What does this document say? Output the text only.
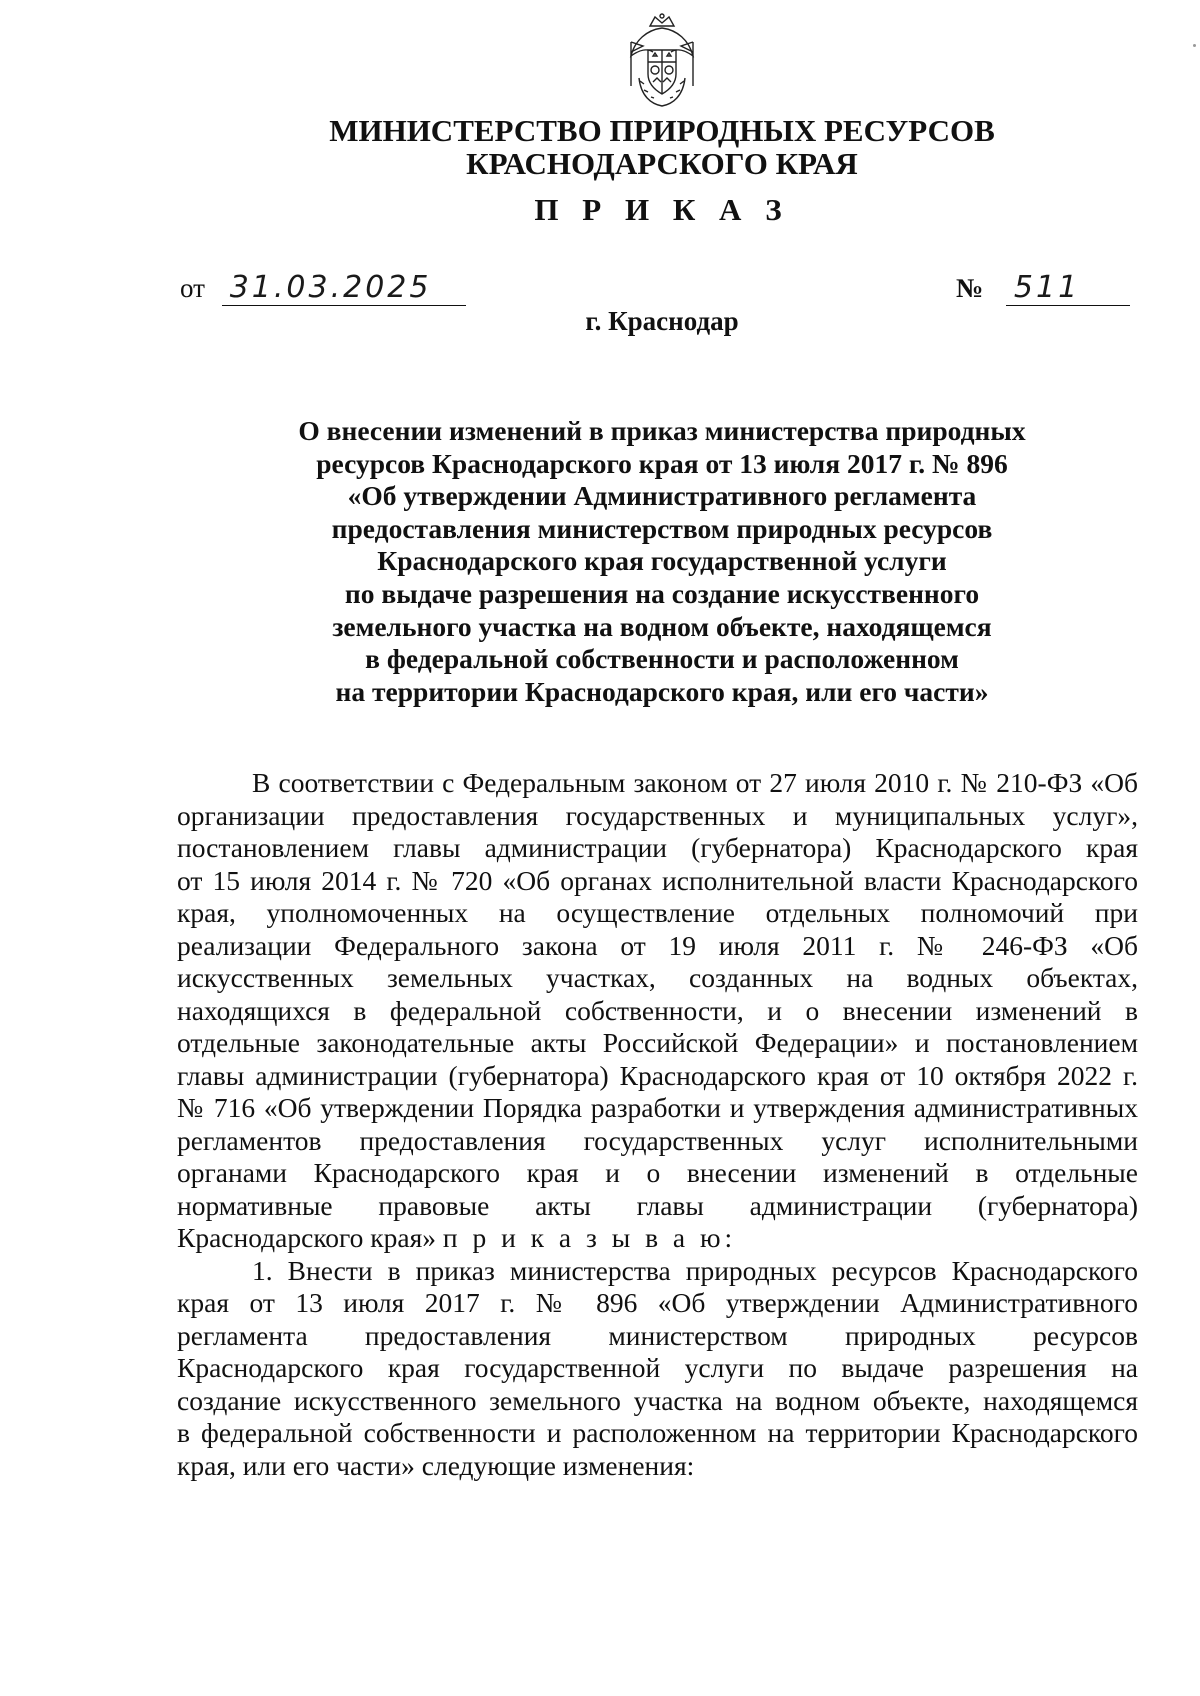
МИНИСТЕРСТВО ПРИРОДНЫХ РЕСУРСОВ
КРАСНОДАРСКОГО КРАЯ
П Р И К А З
от 31.03.2025	№ 511
г. Краснодар
О внесении изменений в приказ министерства природных
ресурсов Краснодарского края от 13 июля 2017 г. № 896
«Об утверждении Административного регламента
предоставления министерством природных ресурсов
Краснодарского края государственной услуги
по выдаче разрешения на создание искусственного
земельного участка на водном объекте, находящемся
в федеральной собственности и расположенном
на территории Краснодарского края, или его части»
В соответствии с Федеральным законом от 27 июля 2010 г. № 210-ФЗ «Об
организации предоставления государственных и муниципальных услуг»,
постановлением главы администрации (губернатора) Краснодарского края
от 15 июля 2014 г. № 720 «Об органах исполнительной власти Краснодарского
края, уполномоченных на осуществление отдельных полномочий при
реализации Федерального закона от 19 июля 2011 г. № 246-ФЗ «Об
искусственных земельных участках, созданных на водных объектах,
находящихся в федеральной собственности, и о внесении изменений в
отдельные законодательные акты Российской Федерации» и постановлением
главы администрации (губернатора) Краснодарского края от 10 октября 2022 г.
№ 716 «Об утверждении Порядка разработки и утверждения административных
регламентов предоставления государственных услуг исполнительными
органами Краснодарского края и о внесении изменений в отдельные
нормативные правовые акты главы администрации (губернатора)
Краснодарского края» п р и к а з ы в а ю:
1. Внести в приказ министерства природных ресурсов Краснодарского
края от 13 июля 2017 г. № 896 «Об утверждении Административного
регламента предоставления министерством природных ресурсов
Краснодарского края государственной услуги по выдаче разрешения на
создание искусственного земельного участка на водном объекте, находящемся
в федеральной собственности и расположенном на территории Краснодарского
края, или его части» следующие изменения:
